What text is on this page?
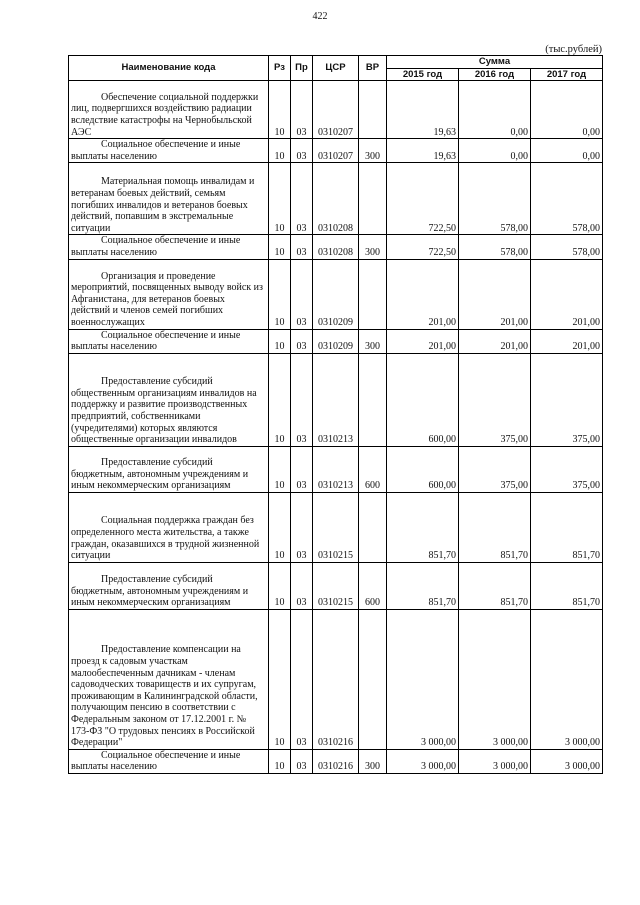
422
(тыс.рублей)
Наименование кода	Рз	Пр	ЦСР	ВР	Сумма		
					2015 год	2016 год	2017 год
Обеспечение социальной поддержки лиц, подвергшихся воздействию радиации вследствие катастрофы на Чернобыльской АЭС	10	03	0310207		19,63	0,00	0,00
Социальное обеспечение и иные выплаты населению	10	03	0310207	300	19,63	0,00	0,00
Материальная помощь инвалидам и ветеранам боевых действий, семьям погибших инвалидов и ветеранов боевых действий, попавшим в экстремальные ситуации	10	03	0310208		722,50	578,00	578,00
Социальное обеспечение и иные выплаты населению	10	03	0310208	300	722,50	578,00	578,00
Организация и проведение мероприятий, посвященных выводу войск из Афганистана, для ветеранов боевых действий и членов семей погибших военнослужащих	10	03	0310209		201,00	201,00	201,00
Социальное обеспечение и иные выплаты населению	10	03	0310209	300	201,00	201,00	201,00
Предоставление субсидий общественным организациям инвалидов на поддержку и развитие производственных предприятий, собственниками (учредителями) которых являются общественные организации инвалидов	10	03	0310213		600,00	375,00	375,00
Предоставление субсидий бюджетным, автономным учреждениям и иным некоммерческим организациям	10	03	0310213	600	600,00	375,00	375,00
Социальная поддержка граждан без определенного места жительства, а также граждан, оказавшихся в трудной жизненной ситуации	10	03	0310215		851,70	851,70	851,70
Предоставление субсидий бюджетным, автономным учреждениям и иным некоммерческим организациям	10	03	0310215	600	851,70	851,70	851,70
Предоставление компенсации на проезд к садовым участкам малообеспеченным дачникам - членам садоводческих товариществ и их супругам, проживающим в Калининградской области, получающим пенсию в соответствии с Федеральным законом от 17.12.2001 г. № 173-ФЗ "О трудовых пенсиях в Российской Федерации"	10	03	0310216		3 000,00	3 000,00	3 000,00
Социальное обеспечение и иные выплаты населению	10	03	0310216	300	3 000,00	3 000,00	3 000,00
